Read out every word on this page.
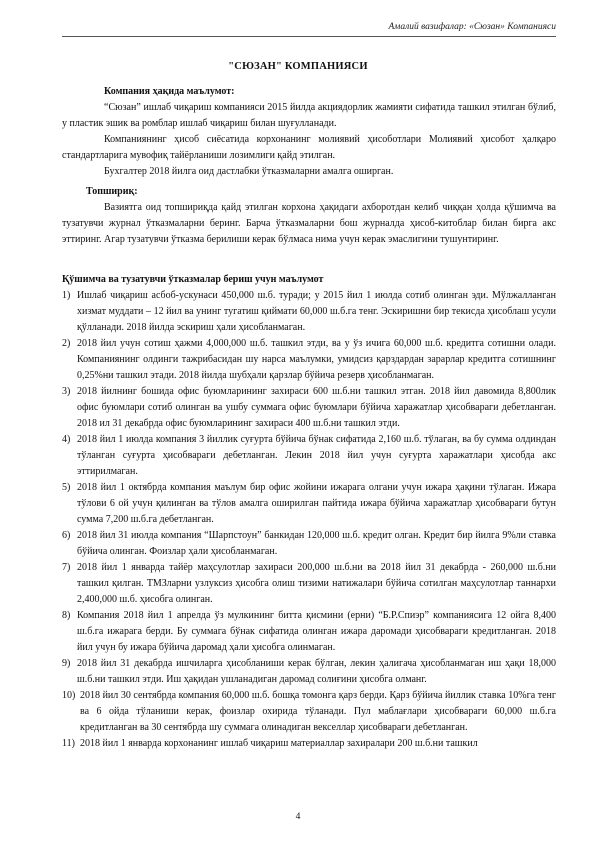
Амалий вазифалар: «Сюзан» Компанияси
"СЮЗАН" КОМПАНИЯСИ
Компания ҳақида маълумот:

“Сюзан” ишлаб чиқариш компанияси 2015 йилда акциядорлик жамияти сифатида ташкил этилган бўлиб, у пластик эшик ва ромблар ишлаб чиқариш билан шуғулланади.

Компаниянинг ҳисоб сиёсатида корхонанинг молиявий ҳисоботлари Молиявий ҳисобот ҳалқаро стандартларига мувофиқ тайёрланиши лозимлиги қайд этилган.

Бухгалтер 2018 йилга оид дастлабки ўтказмаларни амалга оширган.

Топшириқ:

Вазиятга оид топшириқда қайд этилган корхона ҳақидаги ахборотдан келиб чиққан ҳолда қўшимча ва тузатувчи журнал ўтказмаларни беринг. Барча ўтказмаларни бош журналда ҳисоб-китоблар билан бирга акс эттиринг. Агар тузатувчи ўтказма берилиши керак бўлмаса нима учун керак эмаслигини тушунтиринг.

Қўшимча ва тузатувчи ўтказмалар бериш учун маълумот
1) Ишлаб чиқариш асбоб-ускунаси 450,000 ш.б. туради; у 2015 йил 1 июлда сотиб олинган эди. Мўлжалланган хизмат муддати – 12 йил ва унинг тугатиш қиймати 60,000 ш.б.га тенг. Эскиришни бир текисда ҳисоблаш усули қўлланади. 2018 йилда эскириш ҳали ҳисобланмаган.
2) 2018 йил учун сотиш ҳажми 4,000,000 ш.б. ташкил этди, ва у ўз ичига 60,000 ш.б. кредитга сотишни олади. Компаниянинг олдинги тажрибасидан шу нарса маълумки, умидсиз қарздардан зарарлар кредитга сотишнинг 0,25%ни ташкил этади. 2018 йилда шубҳали қарзлар бўйича резерв ҳисобланмаган.
3) 2018 йилнинг бошида офис буюмларининг захираси 600 ш.б.ни ташкил этган. 2018 йил давомида 8,800лик офис буюмлари сотиб олинган ва ушбу суммага офис буюмлари бўйича харажатлар ҳисобвараги дебетланган. 2018 ил 31 декабрда офис буюмларининг захираси 400 ш.б.ни ташкил этди.
4) 2018 йил 1 июлда компания 3 йиллик суғурта бўйича бўнак сифатида 2,160 ш.б. тўлаган, ва бу сумма олдиндан тўланган суғурта ҳисобвараги дебетланган. Лекин 2018 йил учун суғурта харажатлари ҳисобда акс эттирилмаган.
5) 2018 йил 1 октябрда компания маълум бир офис жойини ижарага олгани учун ижара ҳақини тўлаган. Ижара тўлови 6 ой учун қилинган ва тўлов амалга оширилган пайтида ижара бўйича харажатлар ҳисобвараги бутун сумма 7,200 ш.б.га дебетланган.
6) 2018 йил 31 июлда компания “Шарпстоун” банкидан 120,000 ш.б. кредит олган. Кредит бир йилга 9%ли ставка бўйича олинган. Фоизлар ҳали ҳисобланмаган.
7) 2018 йил 1 январда тайёр маҳсулотлар захираси 200,000 ш.б.ни ва 2018 йил 31 декабрда - 260,000 ш.б.ни ташкил қилган. ТМЗларни узлуксиз ҳисобга олиш тизими натижалари бўйича сотилган маҳсулотлар таннархи 2,400,000 ш.б. ҳисобга олинган.
8) Компания 2018 йил 1 апрелда ўз мулкининг битта қисмини (ерни) “Б.Р.Спиэр” компаниясига 12 ойга 8,400 ш.б.га ижарага берди. Бу суммага бўнак сифатида олинган ижара даромади ҳисобвараги кредитланган. 2018 йил учун бу ижара бўйича даромад ҳали ҳисобга олинмаган.
9) 2018 йил 31 декабрда ишчиларга ҳисобланиши керак бўлган, лекин ҳалигача ҳисобланмаган иш ҳақи 18,000 ш.б.ни ташкил этди. Иш ҳақидан ушланадиган даромад солиғини ҳисобга олманг.
10) 2018 йил 30 сентябрда компания 60,000 ш.б. бошқа томонга қарз берди. Қарз бўйича йиллик ставка 10%га тенг ва 6 ойда тўланиши керак, фоизлар охирида тўланади. Пул маблағлари ҳисобвараги 60,000 ш.б.га кредитланган ва 30 сентябрда шу суммага олинадиган векселлар ҳисобвараги дебетланган.
11) 2018 йил 1 январда корхонанинг ишлаб чиқариш материаллар захиралари 200 ш.б.ни ташкил
4
